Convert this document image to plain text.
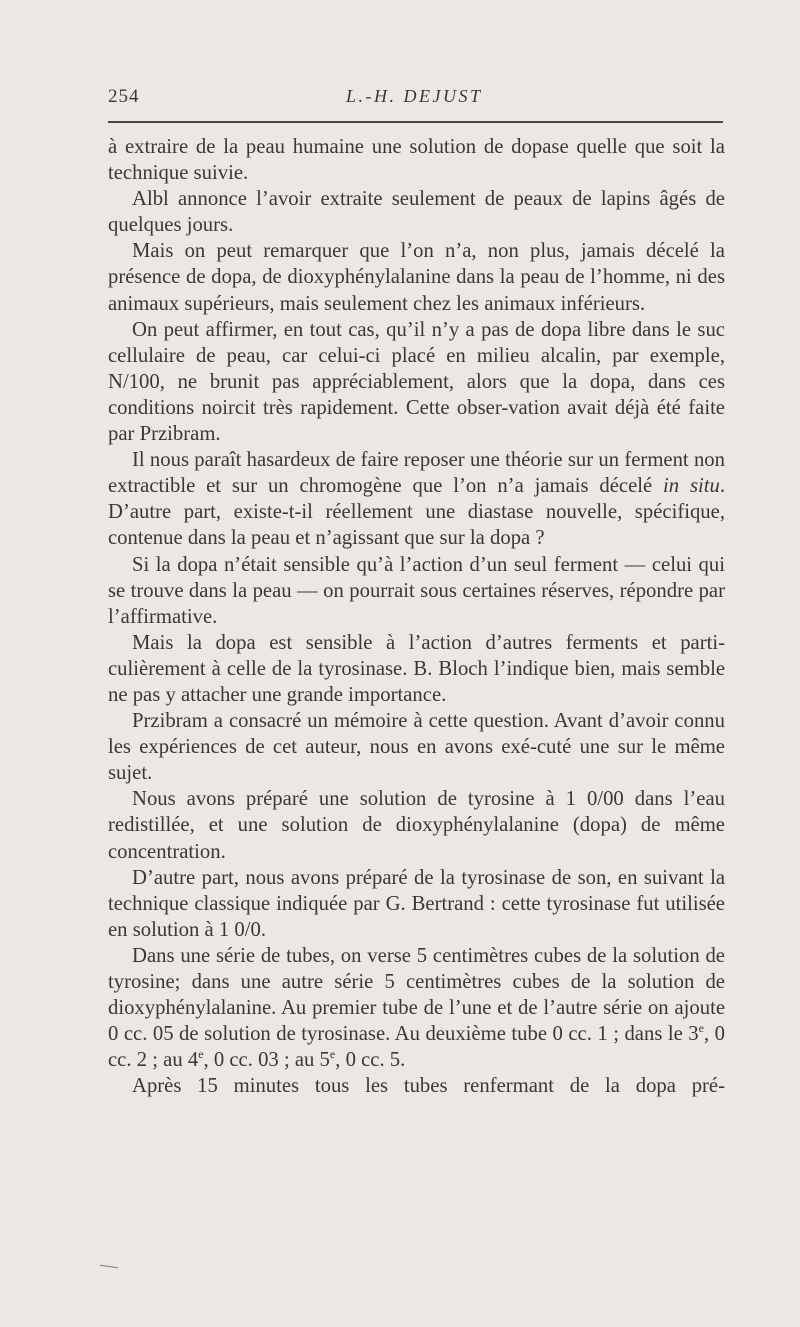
254	L.-H. DEJUST

à extraire de la peau humaine une solution de dopase quelle que soit la technique suivie.

Albl annonce l’avoir extraite seulement de peaux de lapins âgés de quelques jours.

Mais on peut remarquer que l’on n’a, non plus, jamais décelé la présence de dopa, de dioxyphénylalanine dans la peau de l’homme, ni des animaux supérieurs, mais seulement chez les animaux inférieurs.

On peut affirmer, en tout cas, qu’il n’y a pas de dopa libre dans le suc cellulaire de peau, car celui-ci placé en milieu alcalin, par exemple, N/100, ne brunit pas appréciablement, alors que la dopa, dans ces conditions noircit très rapidement. Cette obser-vation avait déjà été faite par Przibram.

Il nous paraît hasardeux de faire reposer une théorie sur un ferment non extractible et sur un chromogène que l’on n’a jamais décelé in situ. D’autre part, existe-t-il réellement une diastase nouvelle, spécifique, contenue dans la peau et n’agissant que sur la dopa ?

Si la dopa n’était sensible qu’à l’action d’un seul ferment — celui qui se trouve dans la peau — on pourrait sous certaines réserves, répondre par l’affirmative.

Mais la dopa est sensible à l’action d’autres ferments et parti-culièrement à celle de la tyrosinase. B. Bloch l’indique bien, mais semble ne pas y attacher une grande importance.

Przibram a consacré un mémoire à cette question. Avant d’avoir connu les expériences de cet auteur, nous en avons exé-cuté une sur le même sujet.

Nous avons préparé une solution de tyrosine à 1 0/00 dans l’eau redistillée, et une solution de dioxyphénylalanine (dopa) de même concentration.

D’autre part, nous avons préparé de la tyrosinase de son, en suivant la technique classique indiquée par G. Bertrand : cette tyrosinase fut utilisée en solution à 1 0/0.

Dans une série de tubes, on verse 5 centimètres cubes de la solution de tyrosine; dans une autre série 5 centimètres cubes de la solution de dioxyphénylalanine. Au premier tube de l’une et de l’autre série on ajoute 0 cc. 05 de solution de tyrosinase. Au deuxième tube 0 cc. 1 ; dans le 3e, 0 cc. 2 ; au 4e, 0 cc. 03 ; au 5e, 0 cc. 5.

Après 15 minutes tous les tubes renfermant de la dopa pré-
